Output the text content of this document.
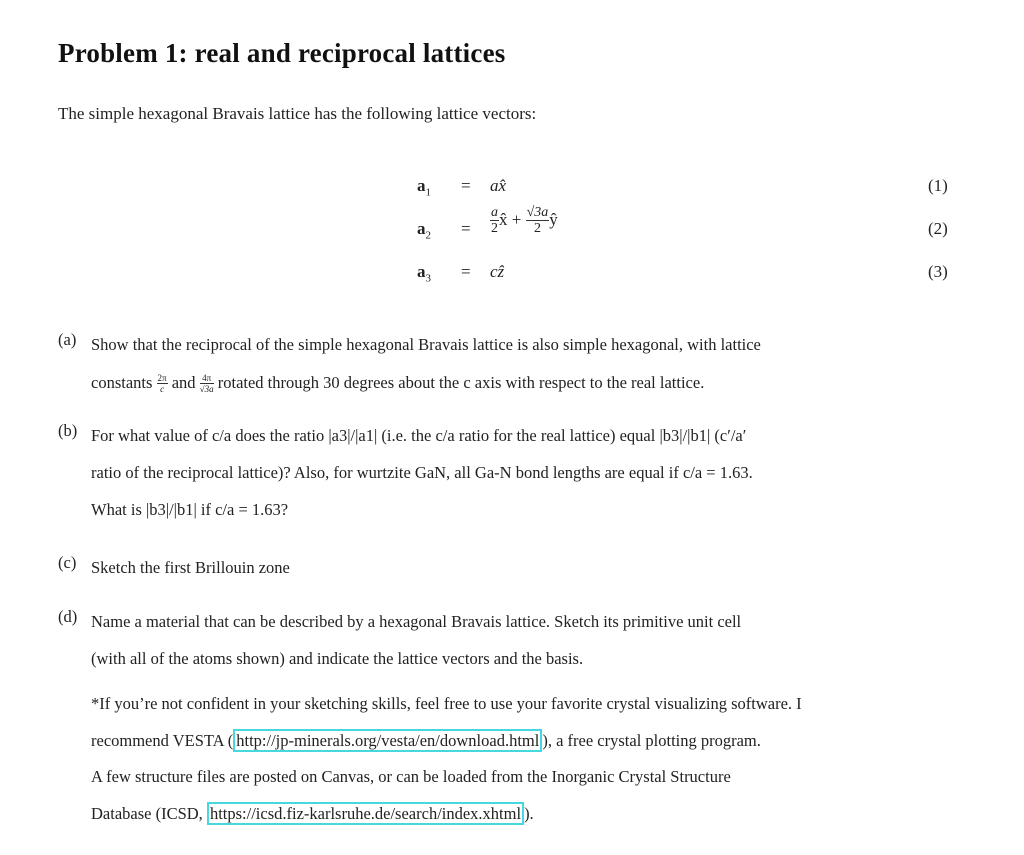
Problem 1: real and reciprocal lattices
The simple hexagonal Bravais lattice has the following lattice vectors:
$a_1$ = ax̂	(1)
$a_2 = \frac{a}{2}$ x̂ + $\frac{√3a}{2}$ ŷ	(2)
$a_3$ = cẑ	(3)
(a) Show that the reciprocal of the simple hexagonal Bravais lattice is also simple hexagonal, with lattice
constants $\frac{2\pi}{c}$ and $\frac{4\pi}{√3a}$ rotated through 30 degrees about the c axis with respect to the real lattice.
(b) For what value of c/a does the ratio |a3|/|a1| (i.e. the c/a ratio for the real lattice) equal |b3|/|b1| (c′/a′
ratio of the reciprocal lattice)? Also, for wurtzite GaN, all Ga-N bond lengths are equal if c/a = 1.63.
What is |b3|/|b1| if c/a = 1.63?
(c) Sketch the first Brillouin zone
(d) Name a material that can be described by a hexagonal Bravais lattice. Sketch its primitive unit cell
(with all of the atoms shown) and indicate the lattice vectors and the basis.
*If you’re not confident in your sketching skills, feel free to use your favorite crystal visualizing software. I
recommend VESTA ( http://jp-minerals.org/vesta/en/download.html ), a free crystal plotting program.
A few structure files are posted on Canvas, or can be loaded from the Inorganic Crystal Structure
Database (ICSD, https://icsd.fiz-karlsruhe.de/search/index.xhtml ).
